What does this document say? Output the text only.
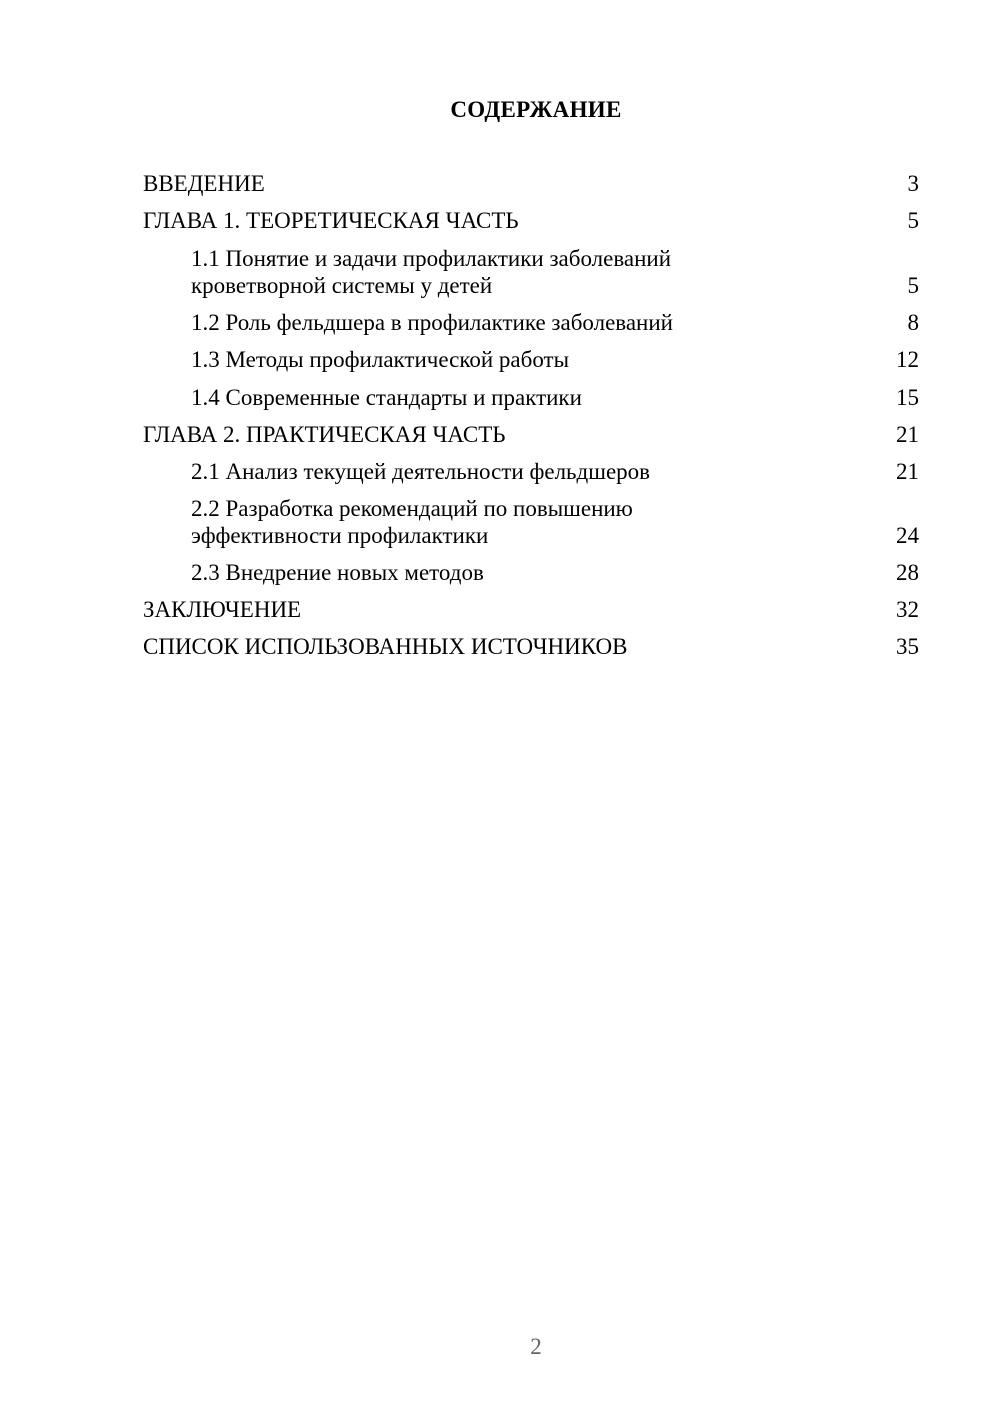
СОДЕРЖАНИЕ
ВВЕДЕНИЕ	3
ГЛАВА 1. ТЕОРЕТИЧЕСКАЯ ЧАСТЬ	5
1.1 Понятие и задачи профилактики заболеваний
кроветворной системы у детей	5
1.2 Роль фельдшера в профилактике заболеваний	8
1.3 Методы профилактической работы	12
1.4 Современные стандарты и практики	15
ГЛАВА 2. ПРАКТИЧЕСКАЯ ЧАСТЬ	21
2.1 Анализ текущей деятельности фельдшеров	21
2.2 Разработка рекомендаций по повышению
эффективности профилактики	24
2.3 Внедрение новых методов	28
ЗАКЛЮЧЕНИЕ	32
СПИСОК ИСПОЛЬЗОВАННЫХ ИСТОЧНИКОВ	35
2
